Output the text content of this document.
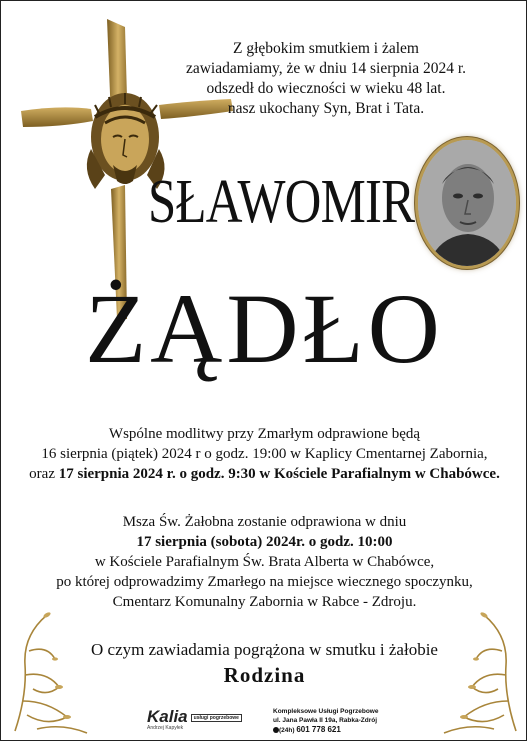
Z głębokim smutkiem i żalem
zawiadamiamy, że w dniu 14 sierpnia 2024 r.
odszedł do wieczności w wieku 48 lat.
nasz ukochany Syn, Brat i Tata.
SŁAWOMIR
ŻĄDŁO
Wspólne modlitwy przy Zmarłym odprawione będą
16 sierpnia (piątek) 2024 r o godz. 19:00 w Kaplicy Cmentarnej Zabornia,
oraz 17 sierpnia 2024 r. o godz. 9:30 w Kościele Parafialnym w Chabówce.
Msza Św. Żałobna zostanie odprawiona w dniu
17 sierpnia (sobota) 2024r. o godz. 10:00
w Kościele Parafialnym Św. Brata Alberta w Chabówce,
po której odprowadzimy Zmarłego na miejsce wiecznego spoczynku,
Cmentarz Komunalny Zabornia w Rabce - Zdroju.
O czym zawiadamia pogrążona w smutku i żałobie
Rodzina
Kalia usługi pogrzebowe
Andrzej Kapyłek
Kompleksowe Usługi Pogrzebowe
ul. Jana Pawła II 19a, Rabka-Zdrój
(24h) 601 778 621
